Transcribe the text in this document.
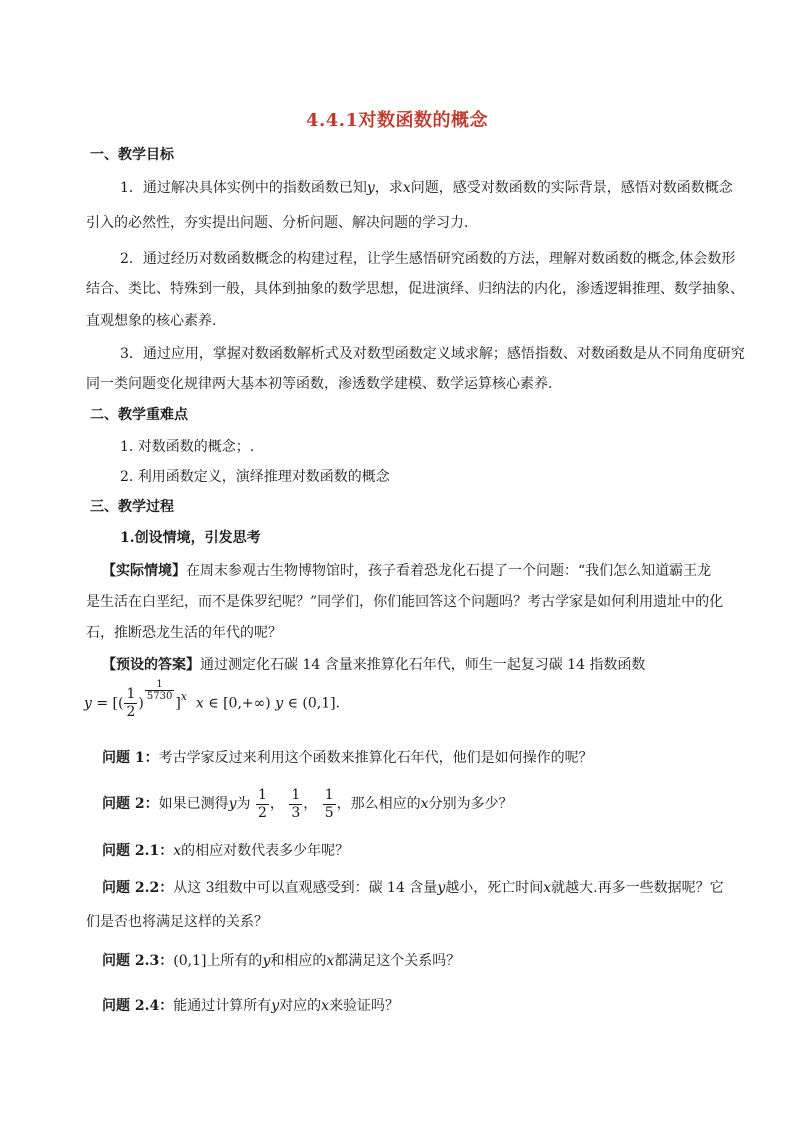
4.4.1对数函数的概念
一、教学目标
1．通过解决具体实例中的指数函数已知y，求x问题，感受对数函数的实际背景，感悟对数函数概念
引入的必然性，夯实提出问题、分析问题、解决问题的学习力.
2．通过经历对数函数概念的构建过程，让学生感悟研究函数的方法，理解对数函数的概念,体会数形
结合、类比、特殊到一般，具体到抽象的数学思想，促进演绎、归纳法的内化，渗透逻辑推理、数学抽象、
直观想象的核心素养.
3．通过应用，掌握对数函数解析式及对数型函数定义域求解；感悟指数、对数函数是从不同角度研究
同一类问题变化规律两大基本初等函数，渗透数学建模、数学运算核心素养.
二、教学重难点
1. 对数函数的概念；.
2. 利用函数定义，演绎推理对数函数的概念
三、教学过程
1.创设情境，引发思考
【实际情境】在周末参观古生物博物馆时，孩子看着恐龙化石提了一个问题：“我们怎么知道霸王龙
是生活在白垩纪，而不是侏罗纪呢？”同学们，你们能回答这个问题吗？考古学家是如何利用遗址中的化
石，推断恐龙生活的年代的呢？
【预设的答案】通过测定化石碳 14 含量来推算化石年代，师生一起复习碳 14 指数函数
y = [( $\frac{1}{2}$ )
$\frac{1}{5730}$
]x x ∈ [0,+∞) y ∈ (0,1].
问题 1：考古学家反过来利用这个函数来推算化石年代，他们是如何操作的呢？
问题 2：如果已测得y为 $\frac{1}{2}$ ， $\frac{1}{3}$ ， $\frac{1}{5}$ ，那么相应的x分别为多少？
问题 2.1：x的相应对数代表多少年呢？
问题 2.2：从这 3组数中可以直观感受到：碳 14 含量y越小，死亡时间x就越大.再多一些数据呢？它
们是否也将满足这样的关系？
问题 2.3：(0,1]上所有的y和相应的x都满足这个关系吗？
问题 2.4：能通过计算所有y对应的x来验证吗？
